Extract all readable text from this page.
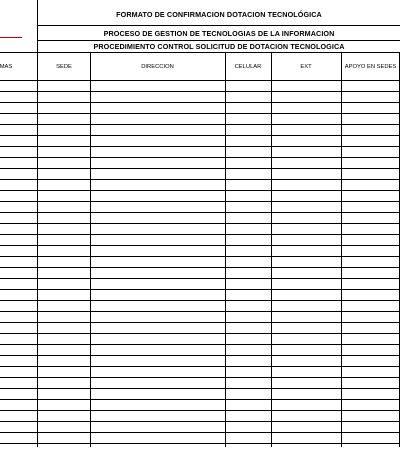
FORMATO DE CONFIRMACION DOTACION TECNOLÓGICA
PROCESO DE GESTION DE TECNOLOGIAS DE LA INFORMACION
PROCEDIMIENTO CONTROL SOLICITUD DE DOTACION TECNOLOGICA
MAS	SEDE	DIRECCION	CELULAR	EXT	APOYO EN SEDES
